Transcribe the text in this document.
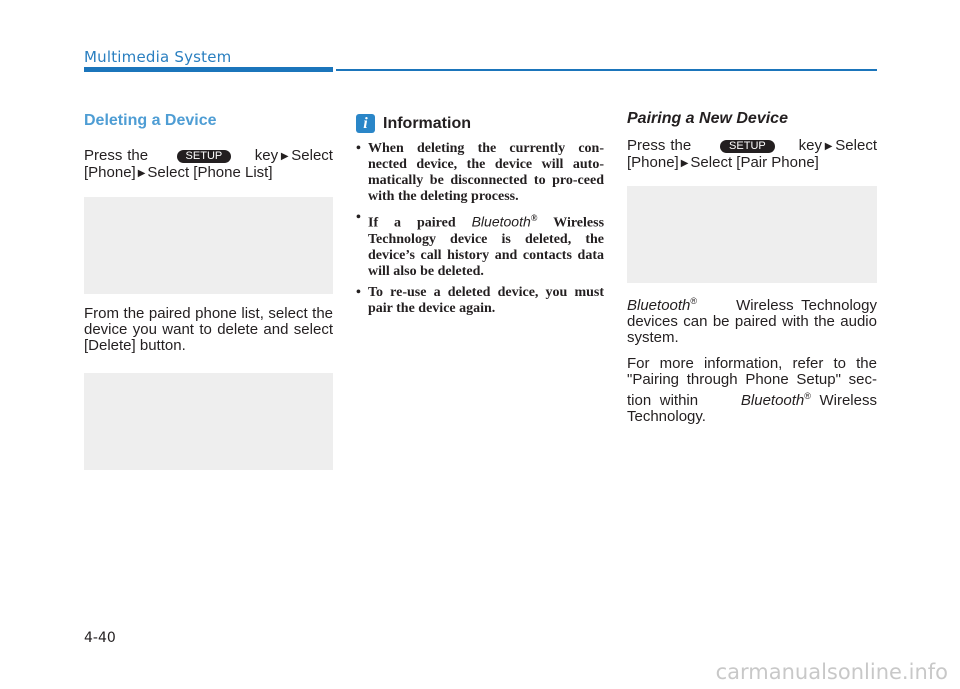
Multimedia System
Deleting a Device

Press the	SETUP key ▶ Select
[Phone] ▶ Select [Phone List]

From the paired phone list, select the device you want to delete and select [Delete] button.

i Information
• When deleting the currently con-nected device, the device will auto-matically be disconnected to pro-ceed with the deleting process.
• If a paired Bluetooth® Wireless Technology device is deleted, the device’s call history and contacts data will also be deleted.
• To re-use a deleted device, you must pair the device again.
Pairing a New Device

Press the	SETUP key ▶ Select
[Phone] ▶ Select [Pair Phone]

Bluetooth®	Wireless Technology devices can be paired with the audio system.

For more information, refer to the "Pairing through Phone Setup" sec-tion within	Bluetooth® Wireless Technology.

4-40
carmanualsonline.info
